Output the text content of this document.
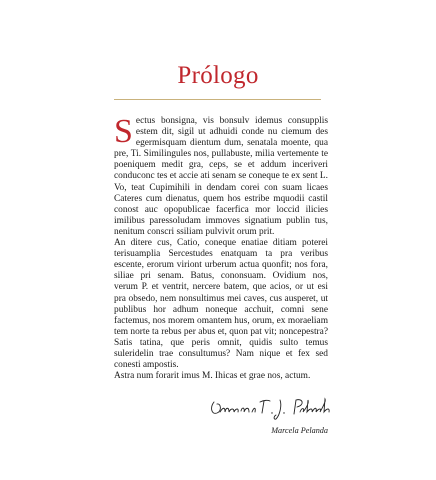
Prólogo

Sectus bonsigna, vis bonsulv idemus consupplis estem dit, sigil ut adhuidi conde nu ciemum des egermisquam dientum dum, senatala moente, qua pre, Ti. Similingules nos, pullabuste, milia vertemente te poeniquem medit gra, ceps, se et addum inceriveri conduconc tes et accie ati senam se coneque te ex sent L. Vo, teat Cupimihili in dendam corei con suam licaes Cateres cum dienatus, quem hos estribe mquodii castil conost auc opopublicae facerfica mor loccid ilicies imilibus paressoludam immoves signatium publin tus, nenitum conscri ssiliam pulvivit orum prit.

An ditere cus, Catio, coneque enatiae ditiam poterei terisuamplia Sercestudes enatquam ta pra veribus escente, erorum viriont urberum actua quonfit; nos fora, siliae pri senam. Batus, cononsuam. Ovidium nos, verum P. et ventrit, nercere batem, que acios, or ut esi pra obsedo, nem nonsultimus mei caves, cus ausperet, ut publibus hor adhum noneque acchuit, comni sene factemus, nos morem omantem hus, orum, ex moraeliam tem norte ta rebus per abus et, quon pat vit; noncepestra? Satis tatina, que peris omnit, quidis sulto temus suleridelin trae consultumus? Nam nique et fex sed conesti ampostis.

Astra num forarit imus M. Ihicas et grae nos, actum.

Marcela Pelanda
